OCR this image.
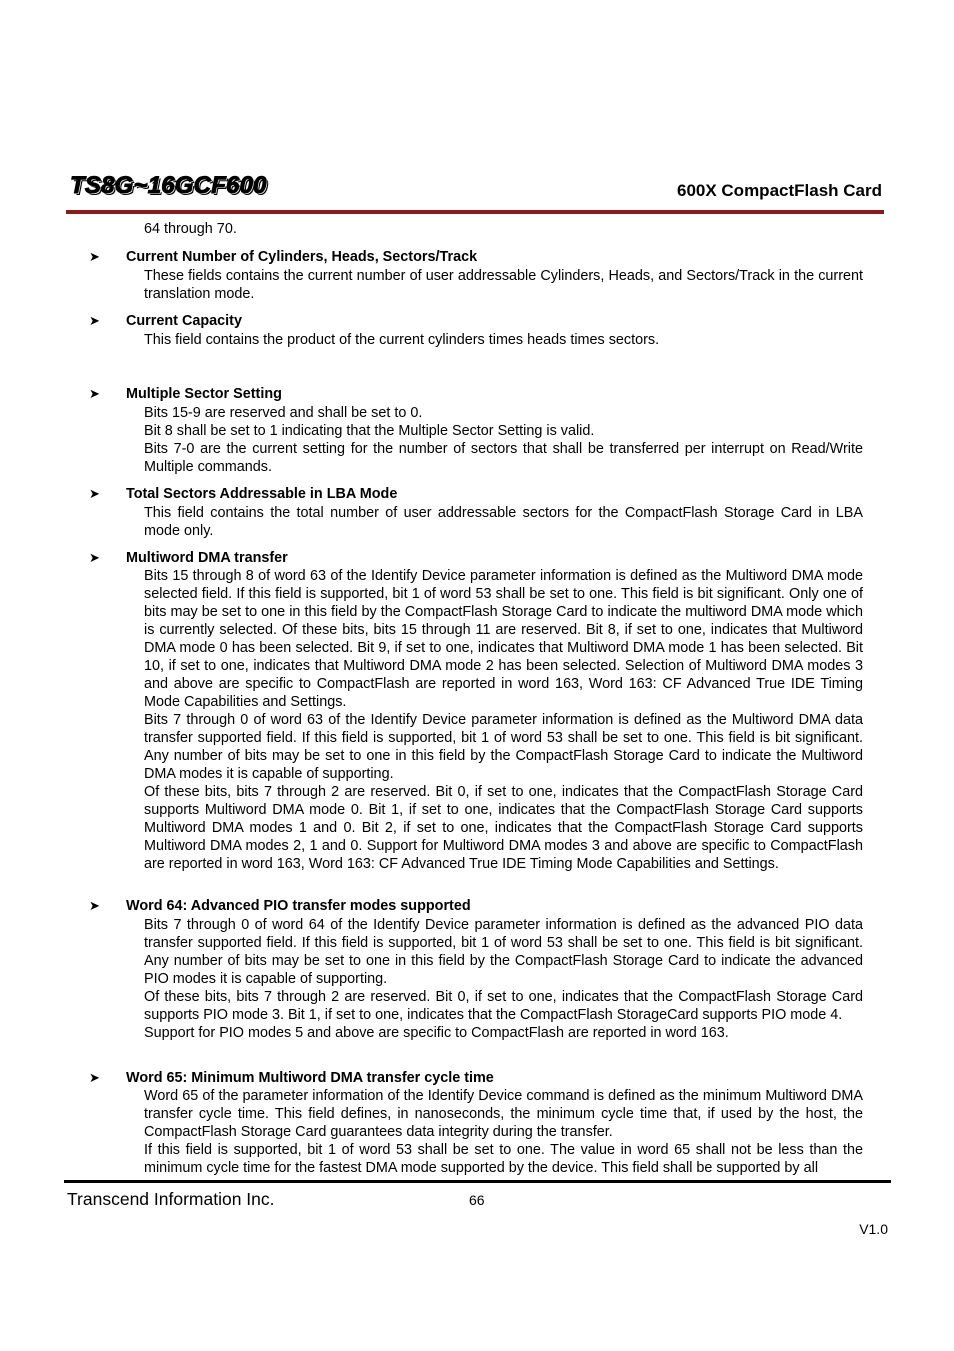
TS8G~16GCF600	600X CompactFlash Card
64 through 70.
➤ Current Number of Cylinders, Heads, Sectors/Track

These fields contains the current number of user addressable Cylinders, Heads, and Sectors/Track in the current translation mode.

➤ Current Capacity

This field contains the product of the current cylinders times heads times sectors.

➤ Multiple Sector Setting

Bits 15-9 are reserved and shall be set to 0.

Bit 8 shall be set to 1 indicating that the Multiple Sector Setting is valid.

Bits 7-0 are the current setting for the number of sectors that shall be transferred per interrupt on Read/Write Multiple commands.

➤ Total Sectors Addressable in LBA Mode

This field contains the total number of user addressable sectors for the CompactFlash Storage Card in LBA mode only.

➤ Multiword DMA transfer

Bits 15 through 8 of word 63 of the Identify Device parameter information is defined as the Multiword DMA mode selected field. If this field is supported, bit 1 of word 53 shall be set to one. This field is bit significant. Only one of bits may be set to one in this field by the CompactFlash Storage Card to indicate the multiword DMA mode which is currently selected. Of these bits, bits 15 through 11 are reserved. Bit 8, if set to one, indicates that Multiword DMA mode 0 has been selected. Bit 9, if set to one, indicates that Multiword DMA mode 1 has been selected. Bit 10, if set to one, indicates that Multiword DMA mode 2 has been selected. Selection of Multiword DMA modes 3 and above are specific to CompactFlash are reported in word 163, Word 163: CF Advanced True IDE Timing Mode Capabilities and Settings.

Bits 7 through 0 of word 63 of the Identify Device parameter information is defined as the Multiword DMA data transfer supported field. If this field is supported, bit 1 of word 53 shall be set to one. This field is bit significant. Any number of bits may be set to one in this field by the CompactFlash Storage Card to indicate the Multiword DMA modes it is capable of supporting.

Of these bits, bits 7 through 2 are reserved. Bit 0, if set to one, indicates that the CompactFlash Storage Card supports Multiword DMA mode 0. Bit 1, if set to one, indicates that the CompactFlash Storage Card supports Multiword DMA modes 1 and 0. Bit 2, if set to one, indicates that the CompactFlash Storage Card supports Multiword DMA modes 2, 1 and 0. Support for Multiword DMA modes 3 and above are specific to CompactFlash are reported in word 163, Word 163: CF Advanced True IDE Timing Mode Capabilities and Settings.

➤ Word 64: Advanced PIO transfer modes supported

Bits 7 through 0 of word 64 of the Identify Device parameter information is defined as the advanced PIO data transfer supported field. If this field is supported, bit 1 of word 53 shall be set to one. This field is bit significant. Any number of bits may be set to one in this field by the CompactFlash Storage Card to indicate the advanced PIO modes it is capable of supporting.

Of these bits, bits 7 through 2 are reserved. Bit 0, if set to one, indicates that the CompactFlash Storage Card supports PIO mode 3. Bit 1, if set to one, indicates that the CompactFlash StorageCard supports PIO mode 4.

Support for PIO modes 5 and above are specific to CompactFlash are reported in word 163.

➤ Word 65: Minimum Multiword DMA transfer cycle time

Word 65 of the parameter information of the Identify Device command is defined as the minimum Multiword DMA transfer cycle time. This field defines, in nanoseconds, the minimum cycle time that, if used by the host, the CompactFlash Storage Card guarantees data integrity during the transfer.

If this field is supported, bit 1 of word 53 shall be set to one. The value in word 65 shall not be less than the minimum cycle time for the fastest DMA mode supported by the device. This field shall be supported by all

Transcend Information Inc.	66
V1.0
